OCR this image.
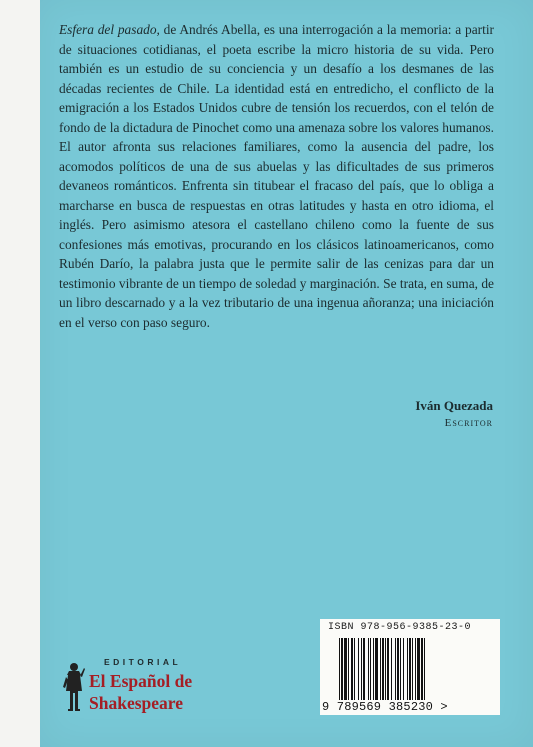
Esfera del pasado, de Andrés Abella, es una interrogación a la memoria: a partir de situaciones cotidianas, el poeta escribe la micro historia de su vida. Pero también es un estudio de su conciencia y un desafío a los desmanes de las décadas recientes de Chile. La identidad está en entredicho, el conflicto de la emigración a los Estados Unidos cubre de tensión los recuerdos, con el telón de fondo de la dictadura de Pinochet como una amenaza sobre los valores humanos. El autor afronta sus relaciones familiares, como la ausencia del padre, los acomodos políticos de una de sus abuelas y las dificultades de sus primeros devaneos románticos. Enfrenta sin titubear el fracaso del país, que lo obliga a marcharse en busca de respuestas en otras latitudes y hasta en otro idioma, el inglés. Pero asimismo atesora el castellano chileno como la fuente de sus confesiones más emotivas, procurando en los clásicos latinoamericanos, como Rubén Darío, la palabra justa que le permite salir de las cenizas para dar un testimonio vibrante de un tiempo de soledad y marginación. Se trata, en suma, de un libro descarnado y a la vez tributario de una ingenua añoranza; una iniciación en el verso con paso seguro.

Iván Quezada
Escritor
EDITORIAL
El Español de
Shakespeare
ISBN 978-956-9385-23-0
9 789569 385230 >
